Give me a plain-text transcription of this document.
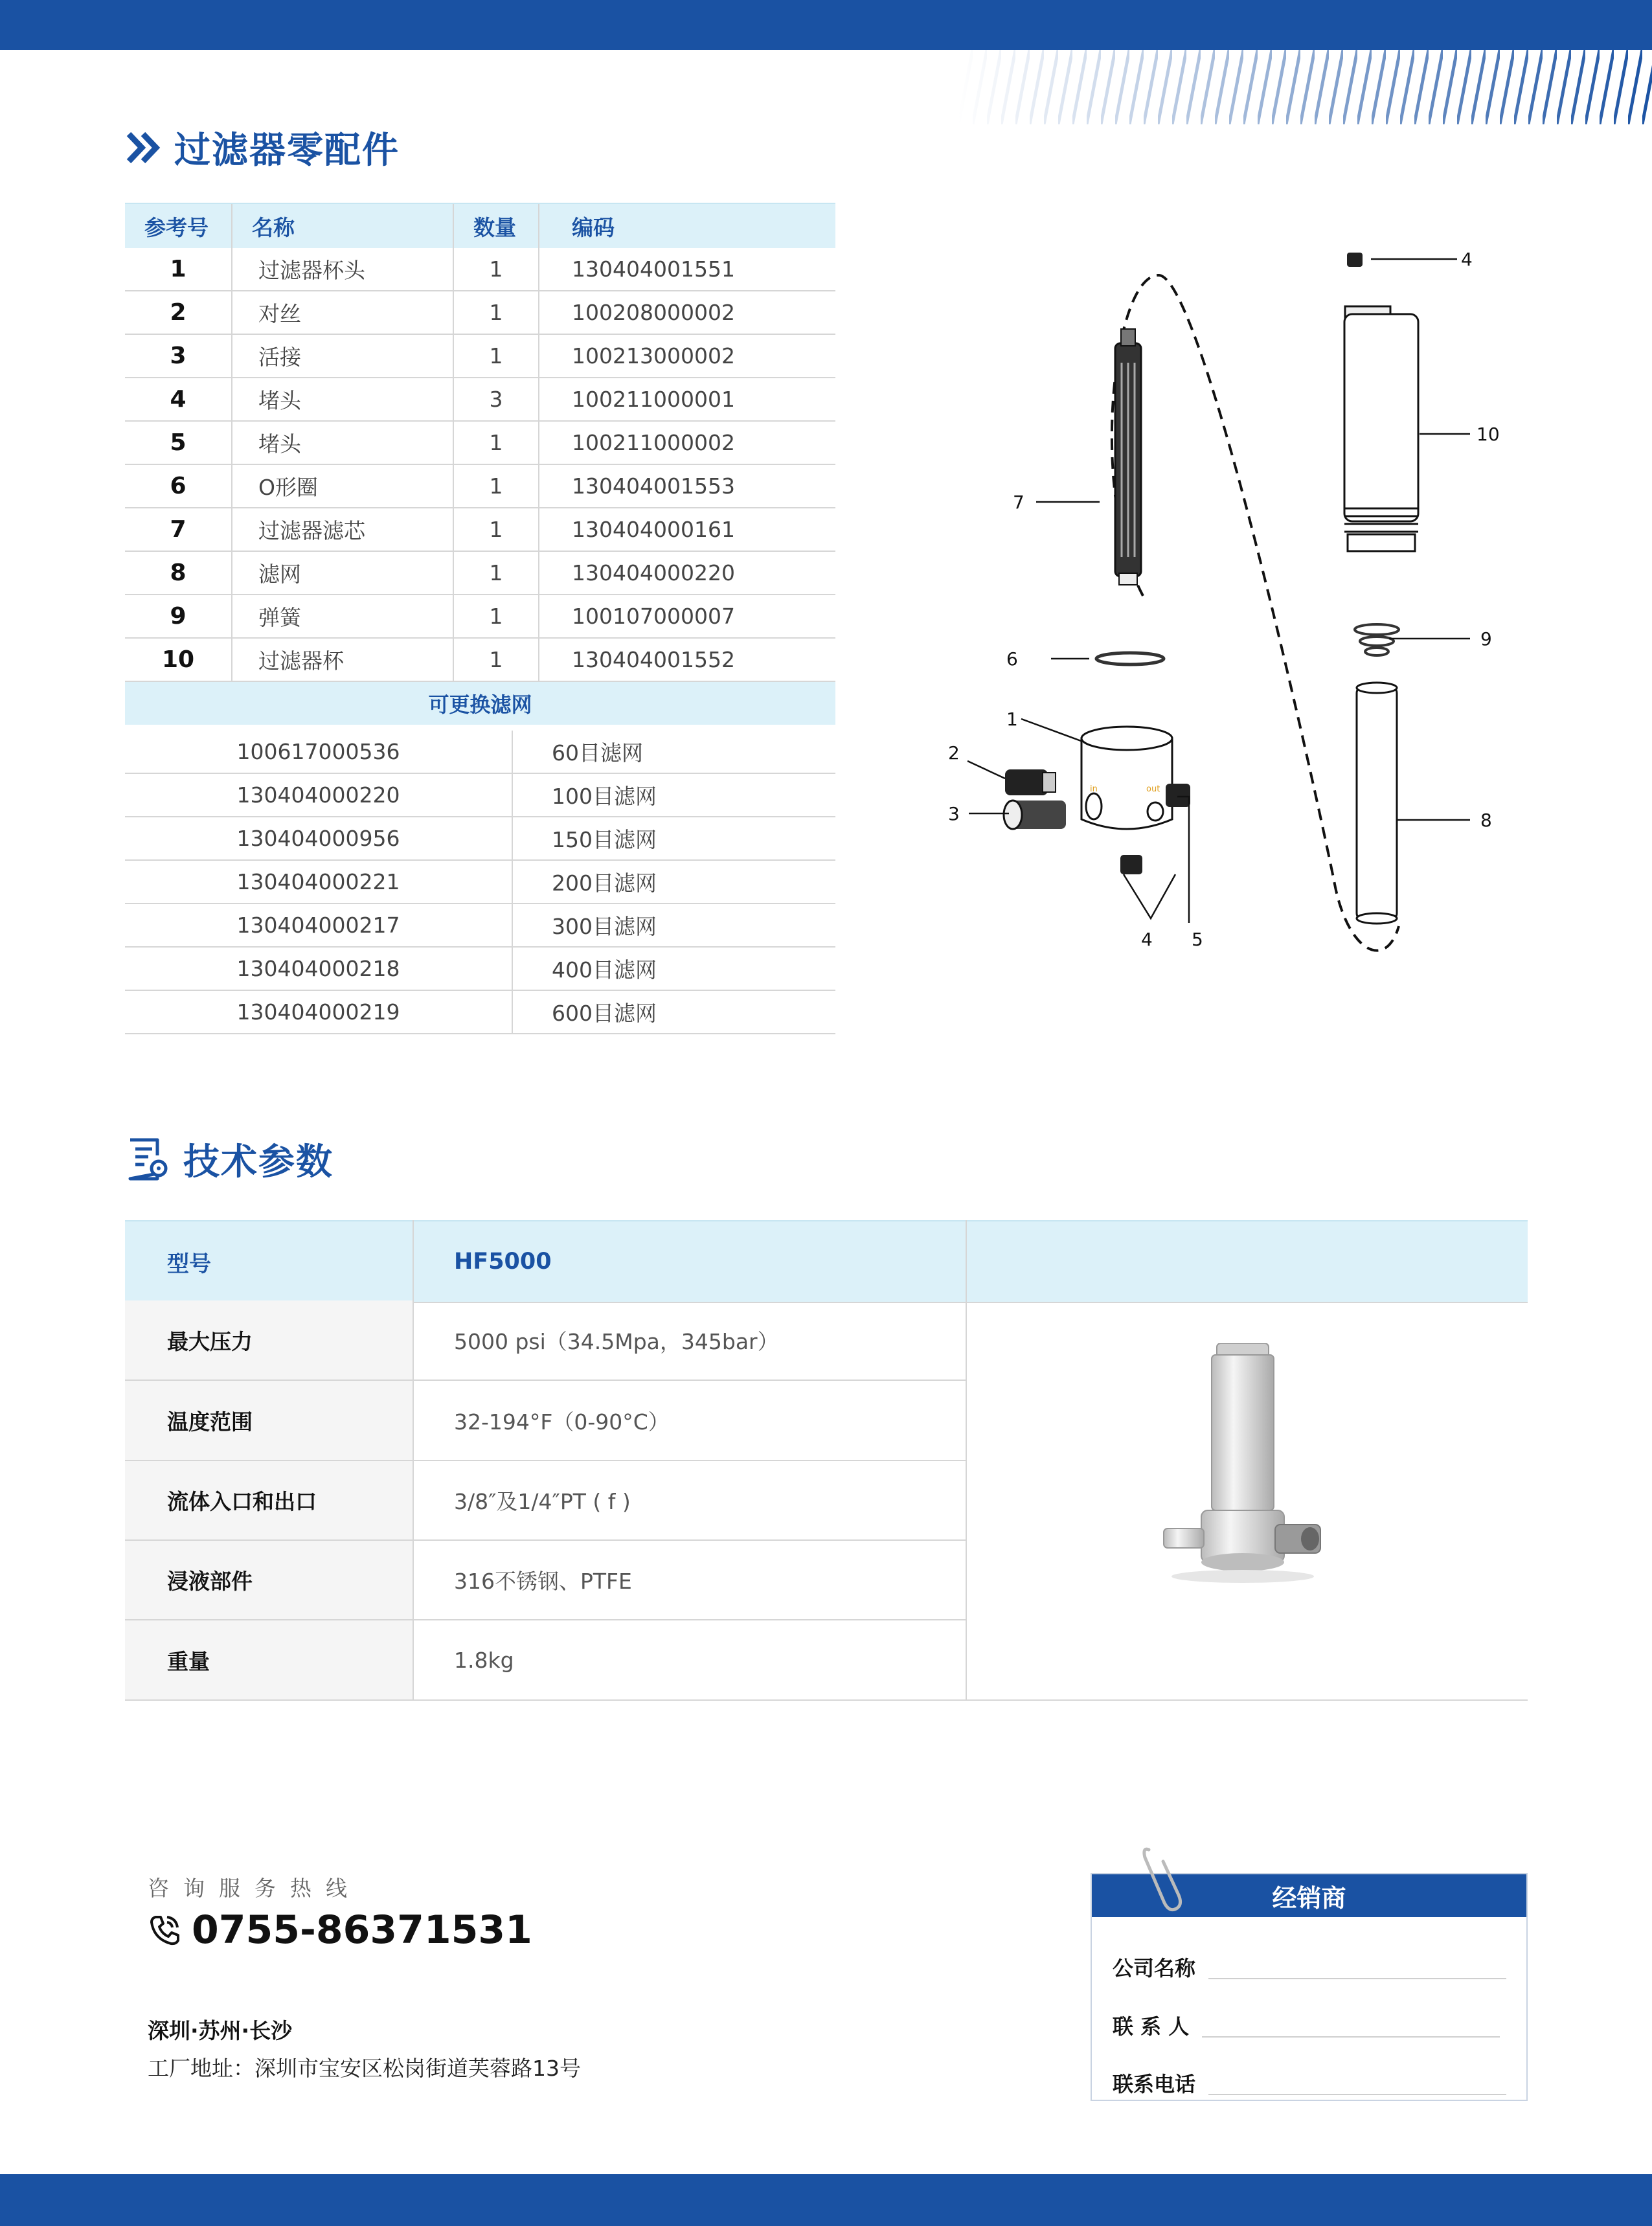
过滤器零配件
参考号	名称	数量	编码
1	过滤器杯头	1	130404001551
2	对丝	1	100208000002
3	活接	1	100213000002
4	堵头	3	100211000001
5	堵头	1	100211000002
6	O形圈	1	130404001553
7	过滤器滤芯	1	130404000161
8	滤网	1	130404000220
9	弹簧	1	100107000007
10	过滤器杯	1	130404001552
可更换滤网			
100617000536	60目滤网
130404000220	100目滤网
130404000956	150目滤网
130404000221	200目滤网
130404000217	300目滤网
130404000218	400目滤网
130404000219	600目滤网
in	out
1
2
3
4
4
5
6
7
8
9
10
技术参数
型号	HF5000
最大压力	5000 psi（34.5Mpa，345bar）
温度范围	32-194°F（0-90°C）
流体入口和出口	3/8″及1/4″PT ( f )
浸液部件	316不锈钢、PTFE
重量	1.8kg
咨询服务热线
0755-86371531
深圳·苏州·长沙
工厂地址：深圳市宝安区松岗街道芙蓉路13号
经销商
公司名称
联 系 人
联系电话
